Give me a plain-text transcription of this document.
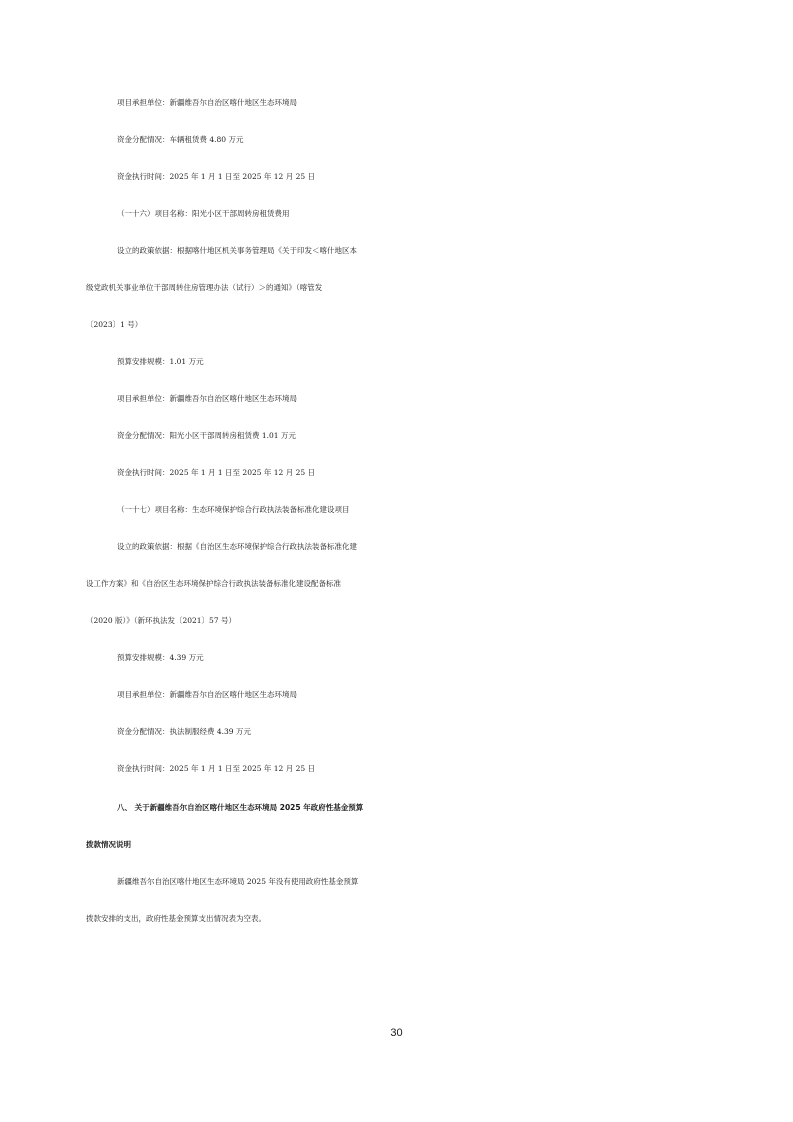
项目承担单位：新疆维吾尔自治区喀什地区生态环境局
资金分配情况：车辆租赁费 4.80 万元
资金执行时间：2025 年 1 月 1 日至 2025 年 12 月 25 日
（一十六）项目名称：阳光小区干部周转房租赁费用
设立的政策依据：根据喀什地区机关事务管理局《关于印发＜喀什地区本
级党政机关事业单位干部周转住房管理办法（试行）＞的通知》（喀管发
〔2023〕1 号）
预算安排规模：1.01 万元
项目承担单位：新疆维吾尔自治区喀什地区生态环境局
资金分配情况：阳光小区干部周转房租赁费 1.01 万元
资金执行时间：2025 年 1 月 1 日至 2025 年 12 月 25 日
（一十七）项目名称：生态环境保护综合行政执法装备标准化建设项目
设立的政策依据：根据《自治区生态环境保护综合行政执法装备标准化建
设工作方案》和《自治区生态环境保护综合行政执法装备标准化建设配备标准
（2020 版）》（新环执法发〔2021〕57 号）
预算安排规模：4.39 万元
项目承担单位：新疆维吾尔自治区喀什地区生态环境局
资金分配情况：执法制服经费 4.39 万元
资金执行时间：2025 年 1 月 1 日至 2025 年 12 月 25 日
八、 关于新疆维吾尔自治区喀什地区生态环境局 2025 年政府性基金预算
拨款情况说明
新疆维吾尔自治区喀什地区生态环境局 2025 年没有使用政府性基金预算
拨款安排的支出，政府性基金预算支出情况表为空表。
30
